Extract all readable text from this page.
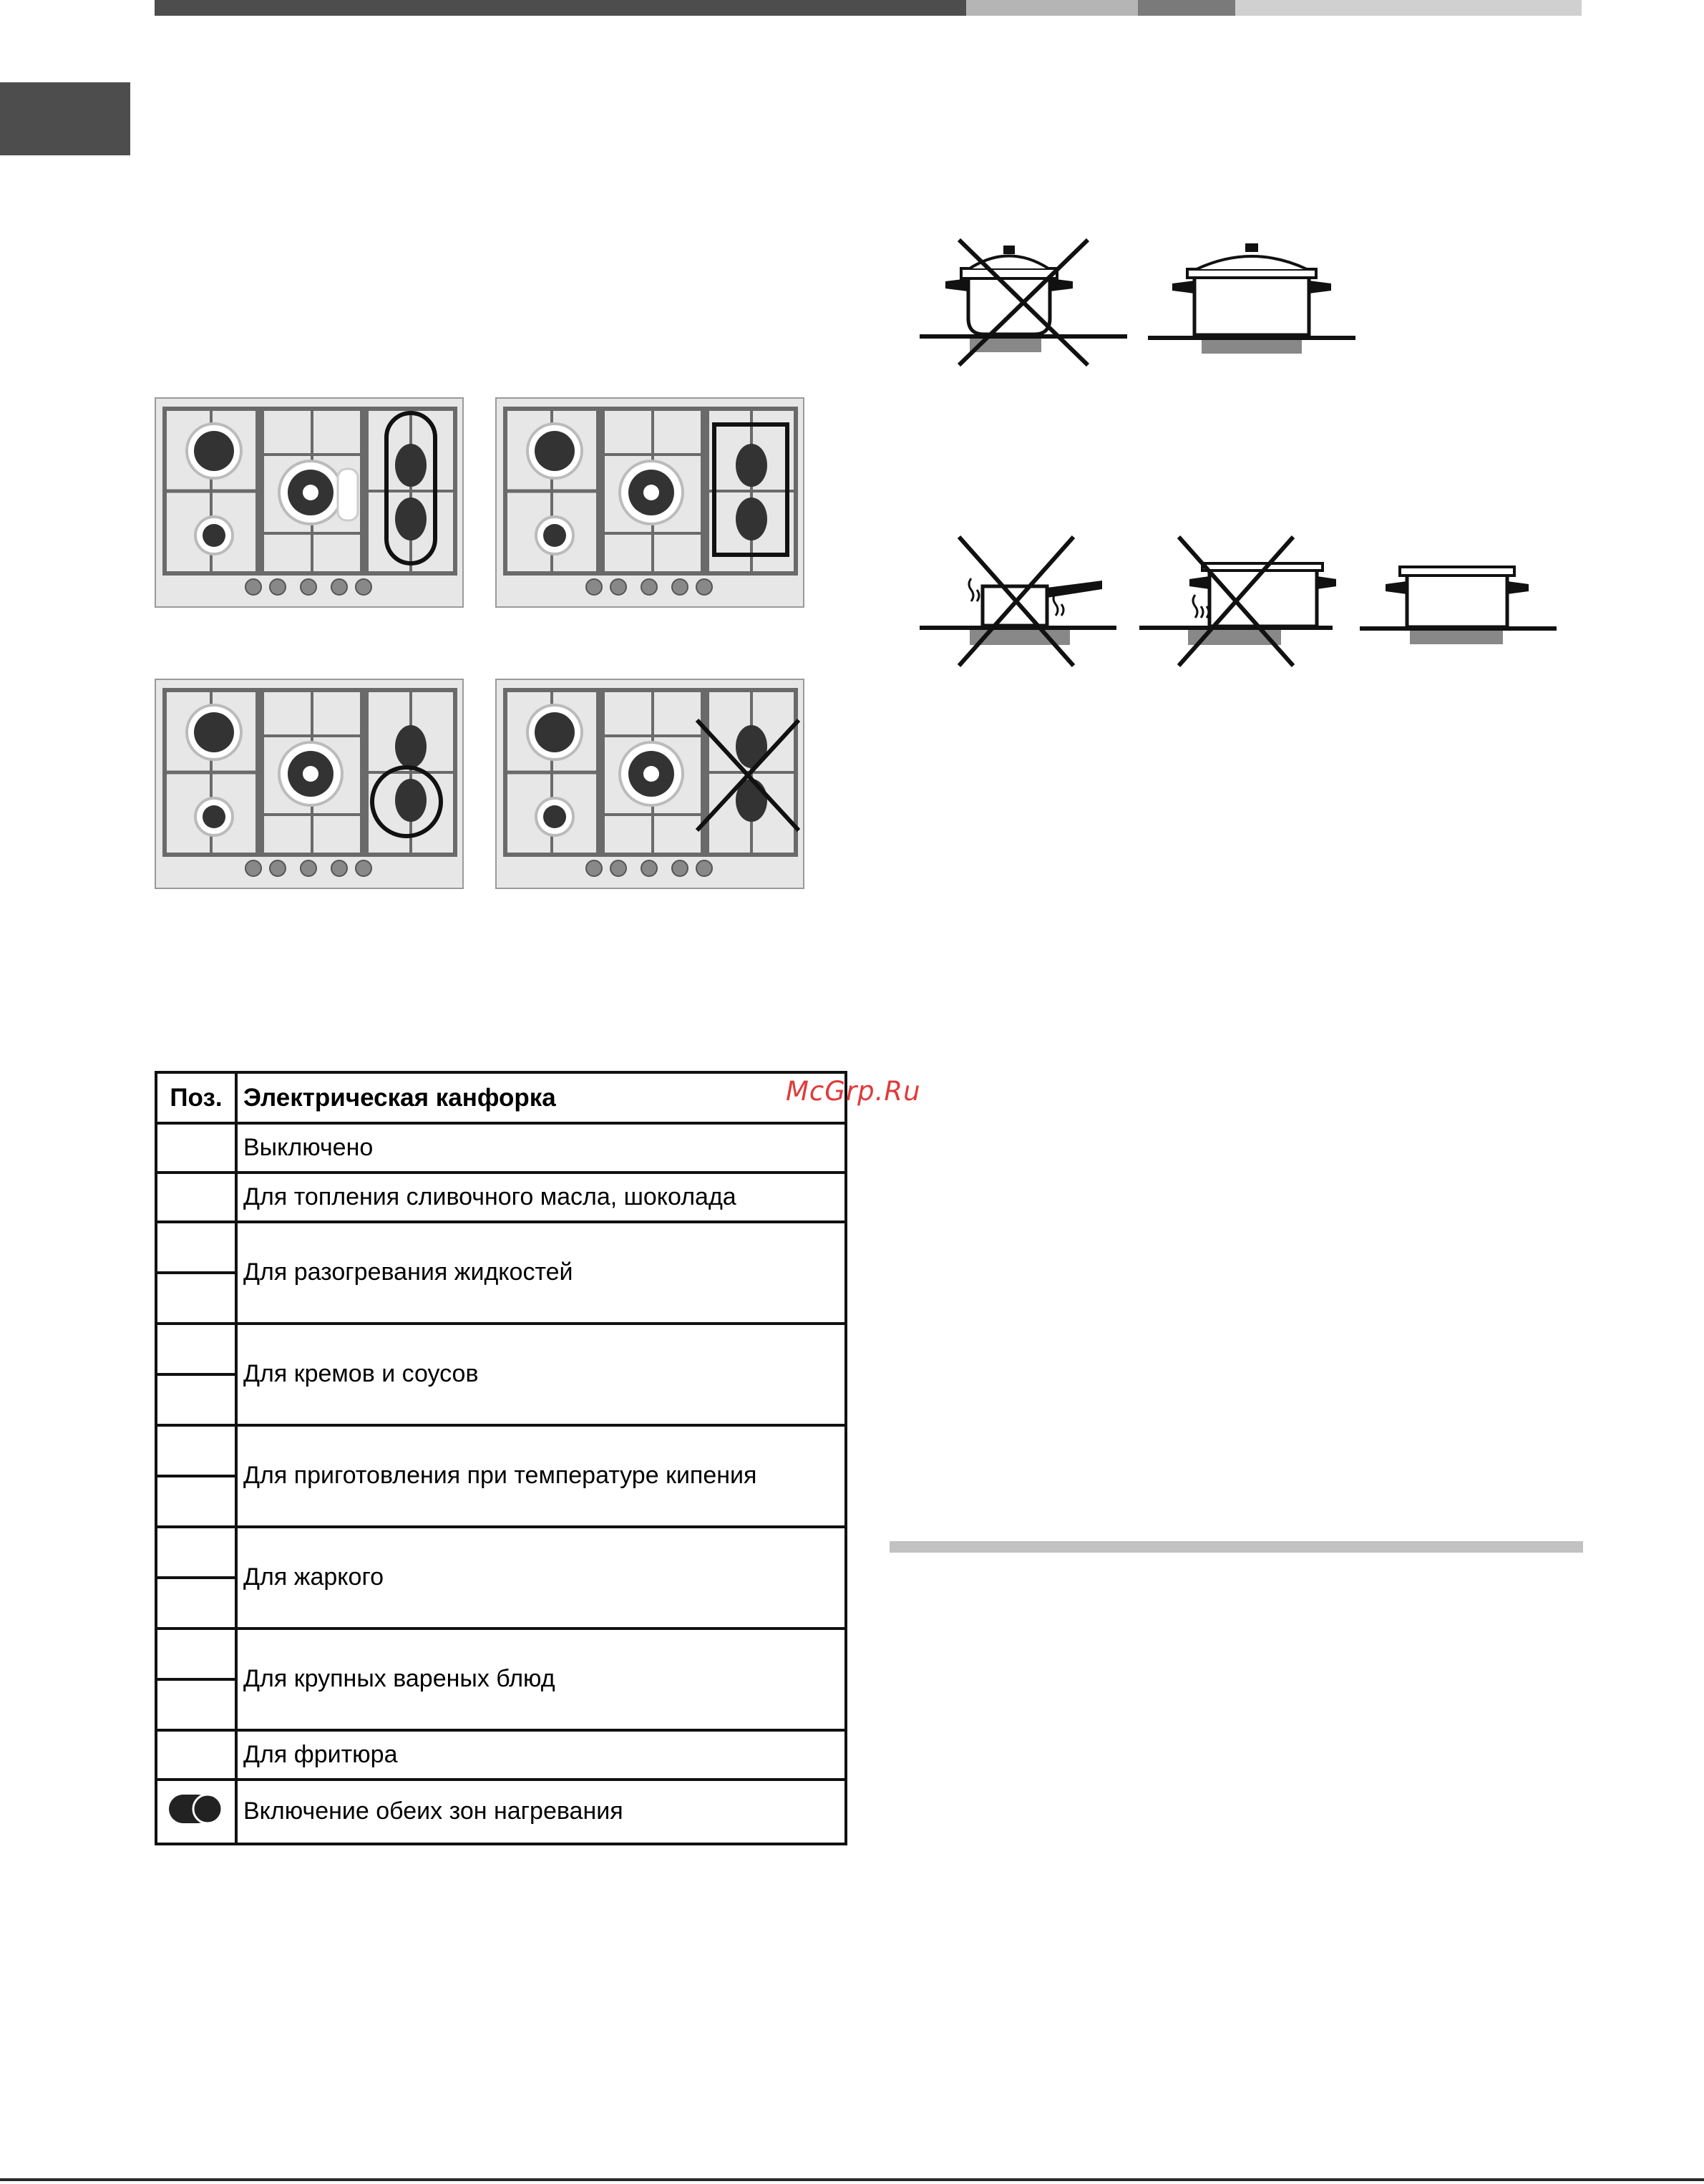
Поз.	Электрическая канфорка
	Выключено
	Для топления сливочного масла, шоколада

	Для разогревания жидкостей

	Для кремов и соусов

	Для приготовления при температуре кипения

	Для жаркого

	Для крупных вареных блюд
	Для фритюра
	Включение обеих зон нагревания
McGrp.Ru
